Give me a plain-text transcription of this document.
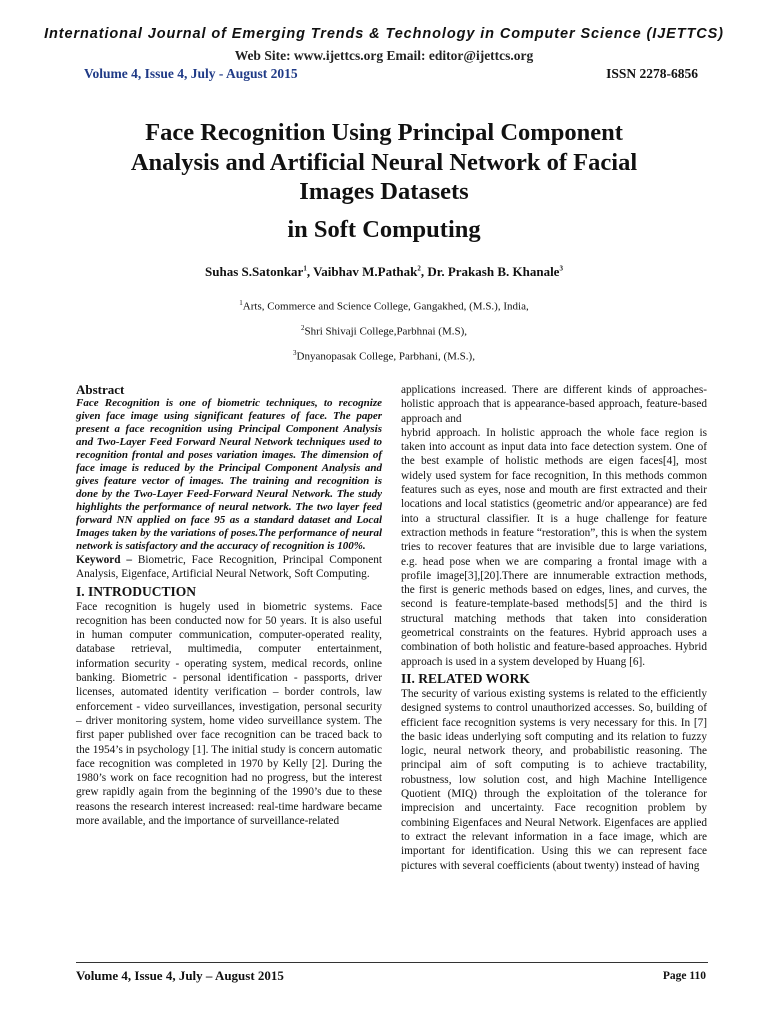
International Journal of Emerging Trends & Technology in Computer Science (IJETTCS)
Web Site: www.ijettcs.org Email: editor@ijettcs.org
Volume 4, Issue 4, July - August 2015	ISSN 2278-6856
Face Recognition Using Principal Component
Analysis and Artificial Neural Network of Facial
Images Datasets
in Soft Computing
Suhas S.Satonkar$^1$, Vaibhav M.Pathak$^2$, Dr. Prakash B. Khanale$^3$
$^1$Arts, Commerce and Science College, Gangakhed, (M.S.), India,
$^2$Shri Shivaji College,Parbhnai (M.S),
$^3$Dnyanopasak College, Parbhani, (M.S.),
Abstract

Face Recognition is one of biometric techniques, to recognize given face image using significant features of face. The paper present a face recognition using Principal Component Analysis and Two-Layer Feed Forward Neural Network techniques used to recognition frontal and poses variation images. The dimension of face image is reduced by the Principal Component Analysis and gives feature vector of images. The training and recognition is done by the Two-Layer Feed-Forward Neural Network. The study highlights the performance of neural network. The two layer feed forward NN applied on face 95 as a standard dataset and Local Images taken by the variations of poses.The performance of neural network is satisfactory and the accuracy of recognition is 100%.

Keyword – Biometric, Face Recognition, Principal Component Analysis, Eigenface, Artificial Neural Network, Soft Computing.

I. INTRODUCTION

Face recognition is hugely used in biometric systems. Face recognition has been conducted now for 50 years. It is also useful in human computer communication, computer-operated reality, database retrieval, multimedia, computer entertainment, information security - operating system, medical records, online banking. Biometric - personal identification - passports, driver licenses, automated identity verification – border controls, law enforcement - video surveillances, investigation, personal security – driver monitoring system, home video surveillance system. The first paper published over face recognition can be traced back to the 1954’s in psychology [1]. The initial study is concern automatic face recognition was completed in 1970 by Kelly [2]. During the 1980’s work on face recognition had no progress, but the interest grew rapidly again from the beginning of the 1990’s due to these reasons the research interest increased: real-time hardware became more available, and the importance of surveillance-related

applications increased. There are different kinds of approaches-holistic approach that is appearance-based approach, feature-based approach and

hybrid approach. In holistic approach the whole face region is taken into account as input data into face detection system. One of the best example of holistic methods are eigen faces[4], most widely used system for face recognition, In this methods common features such as eyes, nose and mouth are first extracted and their locations and local statistics (geometric and/or appearance) are fed into a structural classifier. It is a huge challenge for feature extraction methods in feature “restoration”, this is when the system tries to recover features that are invisible due to large variations, e.g. head pose when we are comparing a frontal image with a profile image[3],[20].There are innumerable extraction methods, the first is generic methods based on edges, lines, and curves, the second is feature-template-based methods[5] and the third is structural matching methods that taken into consideration geometrical constraints on the features. Hybrid approach uses a combination of both holistic and feature-based approaches. Hybrid approach is used in a system developed by Huang [6].

II. RELATED WORK

The security of various existing systems is related to the efficiently designed systems to control unauthorized accesses. So, building of efficient face recognition systems is very necessary for this. In [7] the basic ideas underlying soft computing and its relation to fuzzy logic, neural network theory, and probabilistic reasoning. The principal aim of soft computing is to achieve tractability, robustness, low solution cost, and high Machine Intelligence Quotient (MIQ) through the exploitation of the tolerance for imprecision and uncertainty. Face recognition problem by combining Eigenfaces and Neural Network. Eigenfaces are applied to extract the relevant information in a face image, which are important for identification. Using this we can represent face pictures with several coefficients (about twenty) instead of having

Volume 4, Issue 4, July – August 2015	Page 110
